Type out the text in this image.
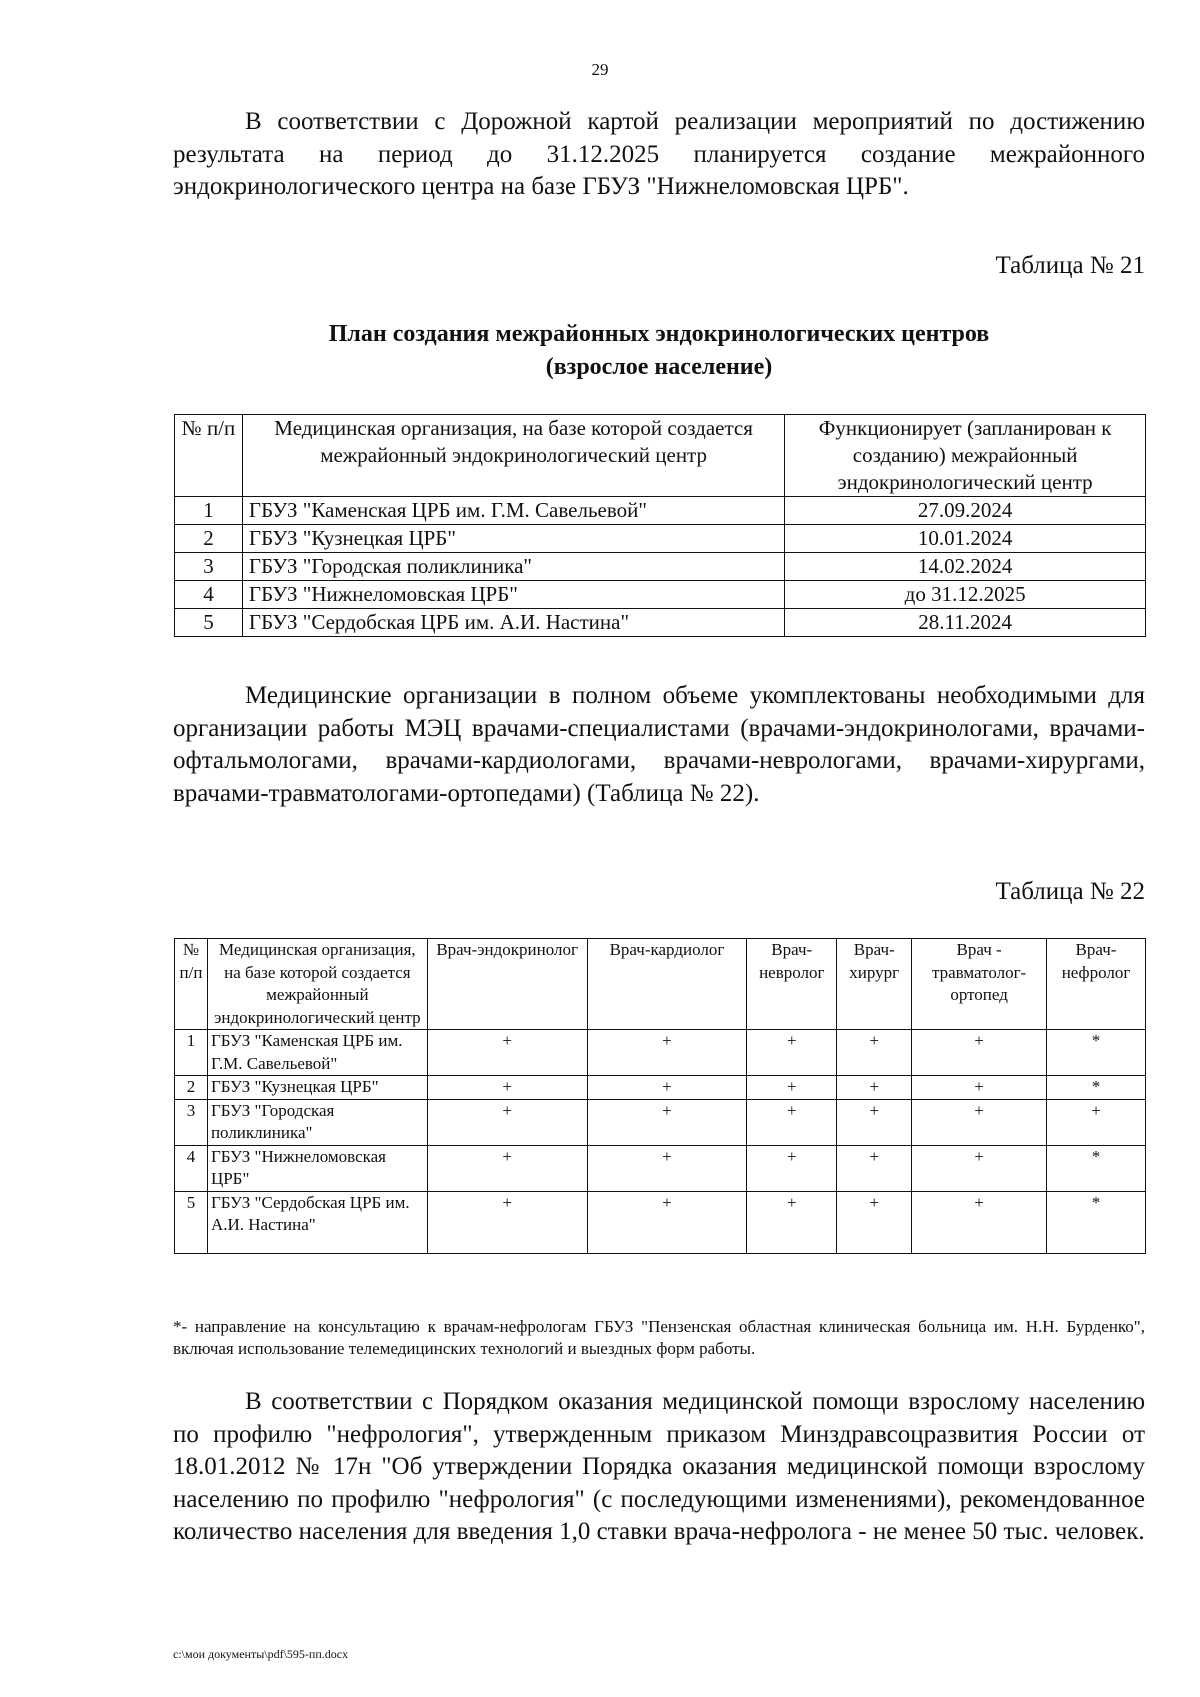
29
В соответствии с Дорожной картой реализации мероприятий по достижению результата на период до 31.12.2025 планируется создание межрайонного эндокринологического центра на базе ГБУЗ "Нижнеломовская ЦРБ".
Таблица № 21
План создания межрайонных эндокринологических центров
(взрослое население)
№ п/п	Медицинская организация, на базе которой создается межрайонный эндокринологический центр	Функционирует (запланирован к созданию) межрайонный эндокринологический центр
1	ГБУЗ "Каменская ЦРБ им. Г.М. Савельевой"	27.09.2024
2	ГБУЗ "Кузнецкая ЦРБ"	10.01.2024
3	ГБУЗ "Городская поликлиника"	14.02.2024
4	ГБУЗ "Нижнеломовская ЦРБ"	до 31.12.2025
5	ГБУЗ "Сердобская ЦРБ им. А.И. Настина"	28.11.2024
Медицинские организации в полном объеме укомплектованы необходимыми для организации работы МЭЦ врачами-специалистами (врачами-эндокринологами, врачами-офтальмологами, врачами-кардиологами, врачами-неврологами, врачами-хирургами, врачами-травматологами-ортопедами) (Таблица № 22).
Таблица № 22
№ п/п	Медицинская организация, на базе которой создается межрайонный эндокринологический центр	Врач-эндокринолог	Врач-кардиолог	Врач-невролог	Врач-хирург	Врач - травматолог-ортопед	Врач-нефролог
1	ГБУЗ "Каменская ЦРБ им. Г.М. Савельевой"	+	+	+	+	+	*
2	ГБУЗ "Кузнецкая ЦРБ"	+	+	+	+	+	*
3	ГБУЗ "Городская поликлиника"	+	+	+	+	+	+
4	ГБУЗ "Нижнеломовская ЦРБ"	+	+	+	+	+	*
5	ГБУЗ "Сердобская ЦРБ им. А.И. Настина"	+	+	+	+	+	*
*- направление на консультацию к врачам-нефрологам ГБУЗ "Пензенская областная клиническая больница им. Н.Н. Бурденко", включая использование телемедицинских технологий и выездных форм работы.
В соответствии с Порядком оказания медицинской помощи взрослому населению по профилю "нефрология", утвержденным приказом Минздравсоцразвития России от 18.01.2012 № 17н "Об утверждении Порядка оказания медицинской помощи взрослому населению по профилю "нефрология" (с последующими изменениями), рекомендованное количество населения для введения 1,0 ставки врача-нефролога - не менее 50 тыс. человек.
c:\мои документы\pdf\595-пп.docx
